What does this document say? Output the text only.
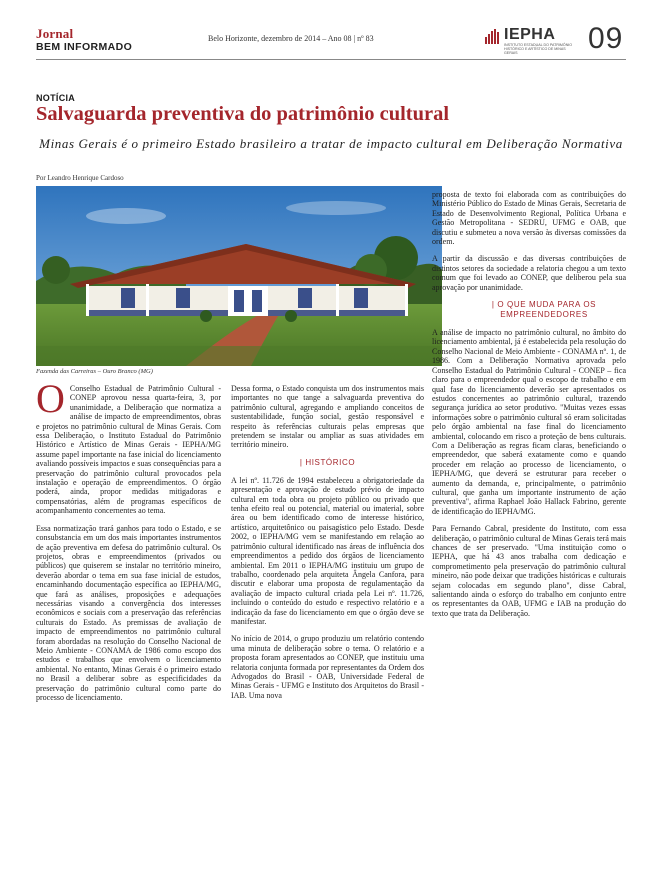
Jornal
BEM INFORMADO
Belo Horizonte, dezembro de 2014 – Ano 08 | nº 83	IEPHA
INSTITUTO ESTADUAL DO PATRIMÔNIO HISTÓRICO E ARTÍSTICO DE MINAS GERAIS	09
NOTÍCIA
Salvaguarda preventiva do patrimônio cultural
Minas Gerais é o primeiro Estado brasileiro a tratar de impacto cultural em Deliberação Normativa
Por Leandro Henrique Cardoso
Fazenda das Carreiras – Ouro Branco (MG)

O Conselho Estadual de Patrimônio Cultural - CONEP aprovou nessa quarta-feira, 3, por unanimidade, a Deliberação que normatiza a análise de impacto de empreendimentos, obras e projetos no patrimônio cultural de Minas Gerais. Com essa Deliberação, o Instituto Estadual do Patrimônio Histórico e Artístico de Minas Gerais - IEPHA/MG assume papel importante na fase inicial do licenciamento avaliando possíveis impactos e suas consequências para a preservação do patrimônio cultural provocados pela instalação e operação de empreendimentos. O órgão poderá, ainda, propor medidas mitigadoras e compensatórias, além de programas específicos de acompanhamento concernentes ao tema.

Essa normatização trará ganhos para todo o Estado, e se consubstancia em um dos mais importantes instrumentos de ação preventiva em defesa do patrimônio cultural. Os projetos, obras e empreendimentos (privados ou públicos) que quiserem se instalar no território mineiro, deverão abordar o tema em sua fase inicial de estudos, encaminhando documentação específica ao IEPHA/MG, que fará as análises, proposições e adequações necessárias visando a convergência dos interesses econômicos e sociais com a preservação das referências culturais do Estado. As premissas de avaliação de impacto de empreendimentos no patrimônio cultural foram abordadas na resolução do Conselho Nacional de Meio Ambiente - CONAMA de 1986 como escopo dos estudos e trabalhos que envolvem o licenciamento ambiental. No entanto, Minas Gerais é o primeiro estado no Brasil a deliberar sobre as especificidades da preservação do patrimônio cultural como parte do processo de licenciamento.

Dessa forma, o Estado conquista um dos instrumentos mais importantes no que tange a salvaguarda preventiva do patrimônio cultural, agregando e ampliando conceitos de sustentabilidade, função social, gestão responsável e respeito às referências culturais pelas empresas que pretendem se instalar ou ampliar as suas atividades em território mineiro.

| HISTÓRICO

A lei nº. 11.726 de 1994 estabeleceu a obrigatoriedade da apresentação e aprovação de estudo prévio de impacto cultural em toda obra ou projeto público ou privado que tenha efeito real ou potencial, material ou imaterial, sobre área ou bem identificado como de interesse histórico, artístico, arquitetônico ou paisagístico pelo Estado. Desde 2002, o IEPHA/MG vem se manifestando em relação ao patrimônio cultural identificado nas áreas de influência dos empreendimentos a pedido dos órgãos de licenciamento ambiental. Em 2011 o IEPHA/MG instituiu um grupo de trabalho, coordenado pela arquiteta Ângela Canfora, para discutir e elaborar uma proposta de regulamentação da avaliação de impacto cultural criada pela Lei nº. 11.726, incluindo o conteúdo do estudo e respectivo relatório e a indicação da fase do licenciamento em que o órgão deve se manifestar.

No início de 2014, o grupo produziu um relatório contendo uma minuta de deliberação sobre o tema. O relatório e a proposta foram apresentados ao CONEP, que instituiu uma relatoria conjunta formada por representantes da Ordem dos Advogados do Brasil - OAB, Universidade Federal de Minas Gerais - UFMG e Instituto dos Arquitetos do Brasil - IAB. Uma nova

proposta de texto foi elaborada com as contribuições do Ministério Público do Estado de Minas Gerais, Secretaria de Estado de Desenvolvimento Regional, Política Urbana e Gestão Metropolitana - SEDRU, UFMG e OAB, que discutiu e submeteu a nova versão às diversas comissões da ordem.

A partir da discussão e das diversas contribuições de distintos setores da sociedade a relatoria chegou a um texto comum que foi levado ao CONEP, que deliberou pela sua aprovação por unanimidade.

| O QUE MUDA PARA OS EMPREENDEDORES

A análise de impacto no patrimônio cultural, no âmbito do licenciamento ambiental, já é estabelecida pela resolução do Conselho Nacional de Meio Ambiente - CONAMA nº. 1, de 1986. Com a Deliberação Normativa aprovada pelo Conselho Estadual do Patrimônio Cultural - CONEP – fica claro para o empreendedor qual o escopo de trabalho e em qual fase do licenciamento deverão ser apresentados os estudos concernentes ao patrimônio cultural, trazendo segurança jurídica ao setor produtivo. "Muitas vezes essas informações sobre o patrimônio cultural só eram solicitadas pelo órgão ambiental na fase final do licenciamento ambiental, colocando em risco a proteção de bens culturais. Com a Deliberação as regras ficam claras, beneficiando o empreendedor, que saberá exatamente como e quando proceder em relação ao processo de licenciamento, o IEPHA/MG, que deverá se estruturar para receber o aumento da demanda, e, principalmente, o patrimônio cultural, que ganha um importante instrumento de ação preventiva", afirma Raphael João Hallack Fabrino, gerente de identificação do IEPHA/MG.

Para Fernando Cabral, presidente do Instituto, com essa deliberação, o patrimônio cultural de Minas Gerais terá mais chances de ser preservado. "Uma instituição como o IEPHA, que há 43 anos trabalha com dedicação e comprometimento pela preservação do patrimônio cultural mineiro, não pode deixar que tradições históricas e culturais sejam colocadas em segundo plano", disse Cabral, salientando ainda o esforço do trabalho em conjunto entre os representantes da OAB, UFMG e IAB na produção do texto que trata da Deliberação.
